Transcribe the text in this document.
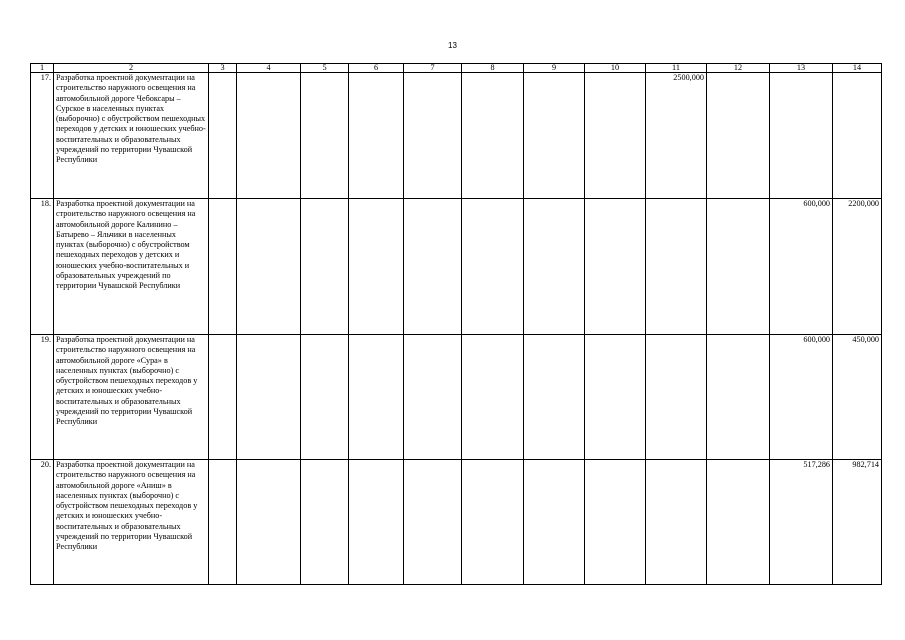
13
1	2	3	4	5	6	7	8	9	10	11	12	13	14
17.	Разработка проектной документации на строительство наружного освещения на автомобильной дороге Чебоксары – Сурское в населенных пунктах (выборочно) с обустройством пешеходных переходов у детских и юношеских учебно-воспитательных и образовательных учреждений по территории Чувашской Республики									2500,000			
18.	Разработка проектной документации на строительство наружного освещения на автомобильной дороге Калинино – Батырево – Яльчики в населенных пунктах (выборочно) с обустройством пешеходных переходов у детских и юношеских учебно-воспитательных и образовательных учреждений по территории Чувашской Республики											600,000	2200,000
19.	Разработка проектной документации на строительство наружного освещения на автомобильной дороге «Сура» в населенных пунктах (выборочно) с обустройством пешеходных переходов у детских и юношеских учебно-воспитательных и образовательных учреждений по территории Чувашской Республики											600,000	450,000
20.	Разработка проектной документации на строительство наружного освещения на автомобильной дороге «Аниш» в населенных пунктах (выборочно) с обустройством пешеходных переходов у детских и юношеских учебно-воспитательных и образовательных учреждений по территории Чувашской Республики											517,286	982,714
